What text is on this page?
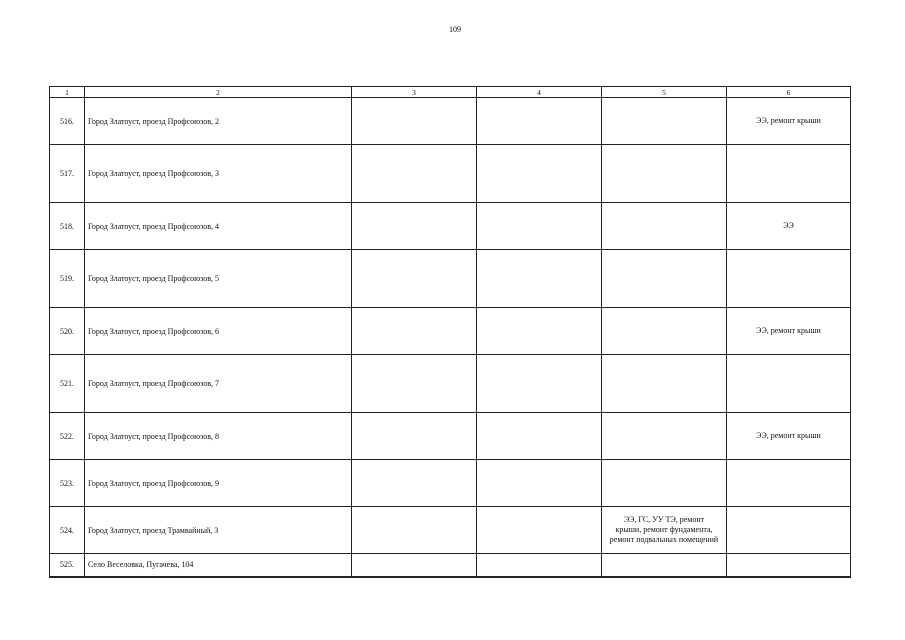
109
1	2	3	4	5	6
516.	Город Златоуст, проезд Профсоюзов, 2				ЭЭ, ремонт крыши
517.	Город Златоуст, проезд Профсоюзов, 3				
518.	Город Златоуст, проезд Профсоюзов, 4				ЭЭ
519.	Город Златоуст, проезд Профсоюзов, 5				
520.	Город Златоуст, проезд Профсоюзов, 6				ЭЭ, ремонт крыши
521.	Город Златоуст, проезд Профсоюзов, 7				
522.	Город Златоуст, проезд Профсоюзов, 8				ЭЭ, ремонт крыши
523.	Город Златоуст, проезд Профсоюзов, 9				
524.	Город Златоуст, проезд Трамвайный, 3			ЭЭ, ГС, УУ ТЭ, ремонт
крыши, ремонт фундамента,
ремонт подвальных помещений	

525.	Село Веселовка, Пугачева, 104				
